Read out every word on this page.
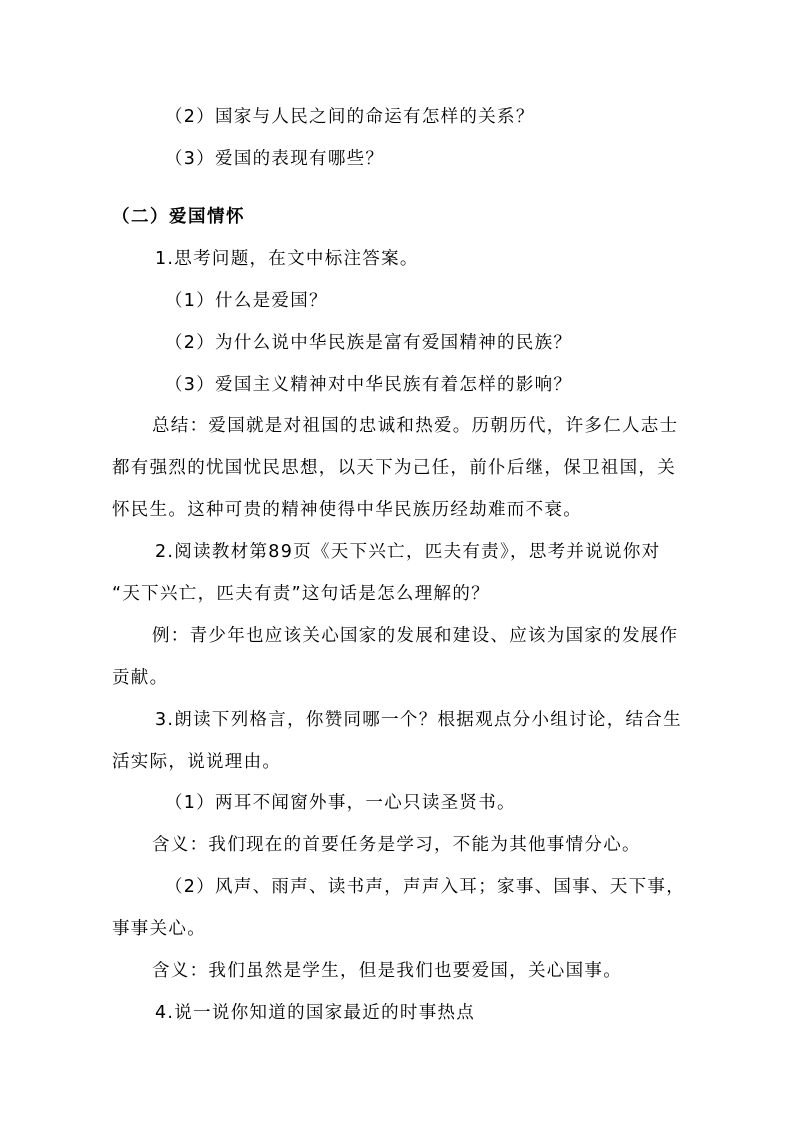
（2）国家与人民之间的命运有怎样的关系？
（3）爱国的表现有哪些？
（二）爱国情怀
1.思考问题，在文中标注答案。
（1）什么是爱国？
（2）为什么说中华民族是富有爱国精神的民族？
（3）爱国主义精神对中华民族有着怎样的影响？
总结：爱国就是对祖国的忠诚和热爱。历朝历代，许多仁人志士
都有强烈的忧国忧民思想，以天下为己任，前仆后继，保卫祖国，关
怀民生。这种可贵的精神使得中华民族历经劫难而不衰。
2.阅读教材第89页《天下兴亡，匹夫有责》，思考并说说你对
“天下兴亡，匹夫有责”这句话是怎么理解的？
例：青少年也应该关心国家的发展和建设、应该为国家的发展作
贡献。
3.朗读下列格言，你赞同哪一个？根据观点分小组讨论，结合生
活实际，说说理由。
（1）两耳不闻窗外事，一心只读圣贤书。
含义：我们现在的首要任务是学习，不能为其他事情分心。
（2）风声、雨声、读书声，声声入耳；家事、国事、天下事，
事事关心。
含义：我们虽然是学生，但是我们也要爱国，关心国事。
4.说一说你知道的国家最近的时事热点
